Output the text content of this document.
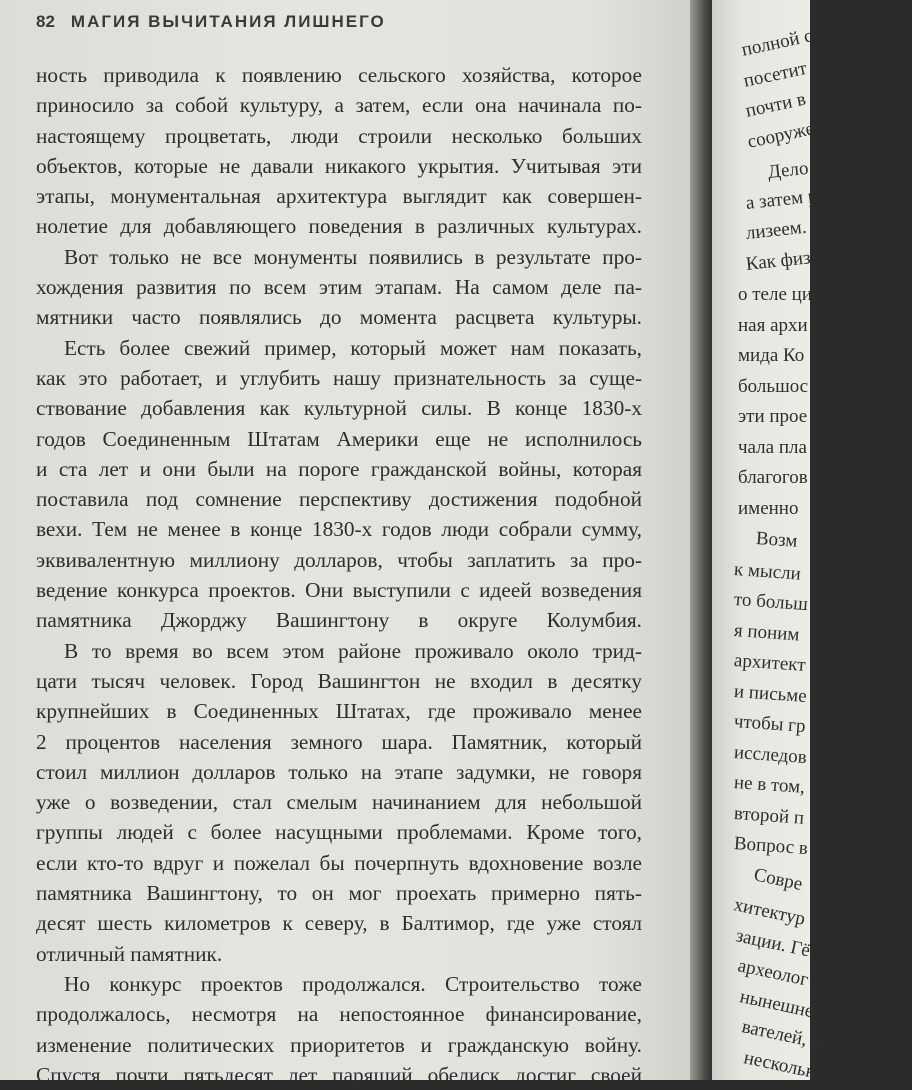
82 МАГИЯ ВЫЧИТАНИЯ ЛИШНЕГО

ность приводила к появлению сельского хозяйства, которое
приносило за собой культуру, а затем, если она начинала по-
настоящему процветать, люди строили несколько больших
объектов, которые не давали никакого укрытия. Учитывая эти
этапы, монументальная архитектура выглядит как совершен-
нолетие для добавляющего поведения в различных культурах.

Вот только не все монументы появились в результате про-
хождения развития по всем этим этапам. На самом деле па-
мятники часто появлялись до момента расцвета культуры.

Есть более свежий пример, который может нам показать,
как это работает, и углубить нашу признательность за суще-
ствование добавления как культурной силы. В конце 1830-х
годов Соединенным Штатам Америки еще не исполнилось
и ста лет и они были на пороге гражданской войны, которая
поставила под сомнение перспективу достижения подобной
вехи. Тем не менее в конце 1830-х годов люди собрали сумму,
эквивалентную миллиону долларов, чтобы заплатить за про-
ведение конкурса проектов. Они выступили с идеей возведения
памятника Джорджу Вашингтону в округе Колумбия.

В то время во всем этом районе проживало около трид-
цати тысяч человек. Город Вашингтон не входил в десятку
крупнейших в Соединенных Штатах, где проживало менее
2 процентов населения земного шара. Памятник, который
стоил миллион долларов только на этапе задумки, не говоря
уже о возведении, стал смелым начинанием для небольшой
группы людей с более насущными проблемами. Кроме того,
если кто-то вдруг и пожелал бы почерпнуть вдохновение возле
памятника Вашингтону, то он мог проехать примерно пять-
десят шесть километров к северу, в Балтимор, где уже стоял
отличный памятник.

Но конкурс проектов продолжался. Строительство тоже
продолжалось, несмотря на непостоянное финансирование,
изменение политических приоритетов и гражданскую войну.
Спустя почти пятьдесят лет парящий обелиск достиг своей

полной с
посетит
почти в
сооруже
Дело
а затем р
лизеем.
Как физ
о теле ци
ная архи
мида Ко
большос
эти прое
чала пла
благогов
именно
Возм
к мысли
то больш
я поним
архитект
и письме
чтобы гр
исследов
не в том,
второй п
Вопрос в
Совре
хитектур
зации. Гё
археолог
нынешне
вателей, и
нескольк
